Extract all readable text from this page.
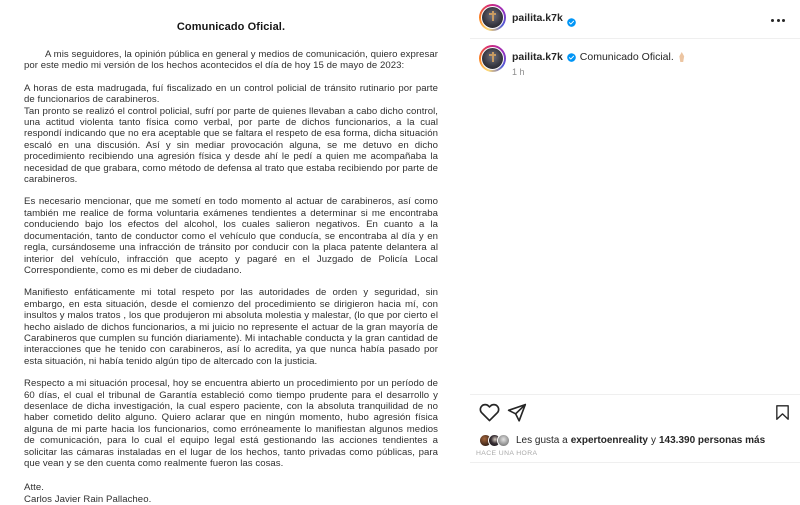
Comunicado Oficial.

A mis seguidores, la opinión pública en general y medios de comunicación, quiero expresar por este medio mi versión de los hechos acontecidos el día de hoy 15 de mayo de 2023:

A horas de esta madrugada, fuí fiscalizado en un control policial de tránsito rutinario por parte de funcionarios de carabineros.

Tan pronto se realizó el control policial, sufrí por parte de quienes llevaban a cabo dicho control, una actitud violenta tanto física como verbal, por parte de dichos funcionarios, a la cual respondí indicando que no era aceptable que se faltara el respeto de esa forma, dicha situación escaló en una discusión. Así y sin mediar provocación alguna, se me detuvo en dicho procedimiento recibiendo una agresión física y desde ahí le pedí a quien me acompañaba la necesidad de que grabara, como método de defensa al trato que estaba recibiendo por parte de carabineros.

Es necesario mencionar, que me sometí en todo momento al actuar de carabineros, así como también me realice de forma voluntaria exámenes tendientes a determinar si me encontraba conduciendo bajo los efectos del alcohol, los cuales salieron negativos. En cuanto a la documentación, tanto de conductor como el vehículo que conducía, se encontraba al día y en regla, cursándoseme una infracción de tránsito por conducir con la placa patente delantera al interior del vehículo, infracción que acepto y pagaré en el Juzgado de Policía Local Correspondiente, como es mi deber de ciudadano.

Manifiesto enfáticamente mi total respeto por las autoridades de orden y seguridad, sin embargo, en esta situación, desde el comienzo del procedimiento se dirigieron hacia mí, con insultos y malos tratos , los que produjeron mi absoluta molestia y malestar, (lo que por cierto el hecho aislado de dichos funcionarios, a mi juicio no represente el actuar de la gran mayoría de Carabineros que cumplen su función diariamente). Mi intachable conducta y la gran cantidad de interacciones que he tenido con carabineros, así lo acredita, ya que nunca había pasado por esta situación, ni había tenido algún tipo de altercado con la justicia.

Respecto a mi situación procesal, hoy se encuentra abierto un procedimiento por un período de 60 días, el cual el tribunal de Garantía estableció como tiempo prudente para el desarrollo y desenlace de dicha investigación, la cual espero paciente, con la absoluta tranquilidad de no haber cometido delito alguno. Quiero aclarar que en ningún momento, hubo agresión física alguna de mi parte hacia los funcionarios, como erróneamente lo manifiestan algunos medios de comunicación, para lo cual el equipo legal está gestionando las acciones tendientes a solicitar las cámaras instaladas en el lugar de los hechos, tanto privadas como públicas, para que vean y se den cuenta como realmente fueron las cosas.

Atte.
Carlos Javier Rain Pallacheo.
pailita.k7k
pailita.k7k Comunicado Oficial.
1 h
Les gusta a expertoenreality y 143.390 personas más
HACE UNA HORA
